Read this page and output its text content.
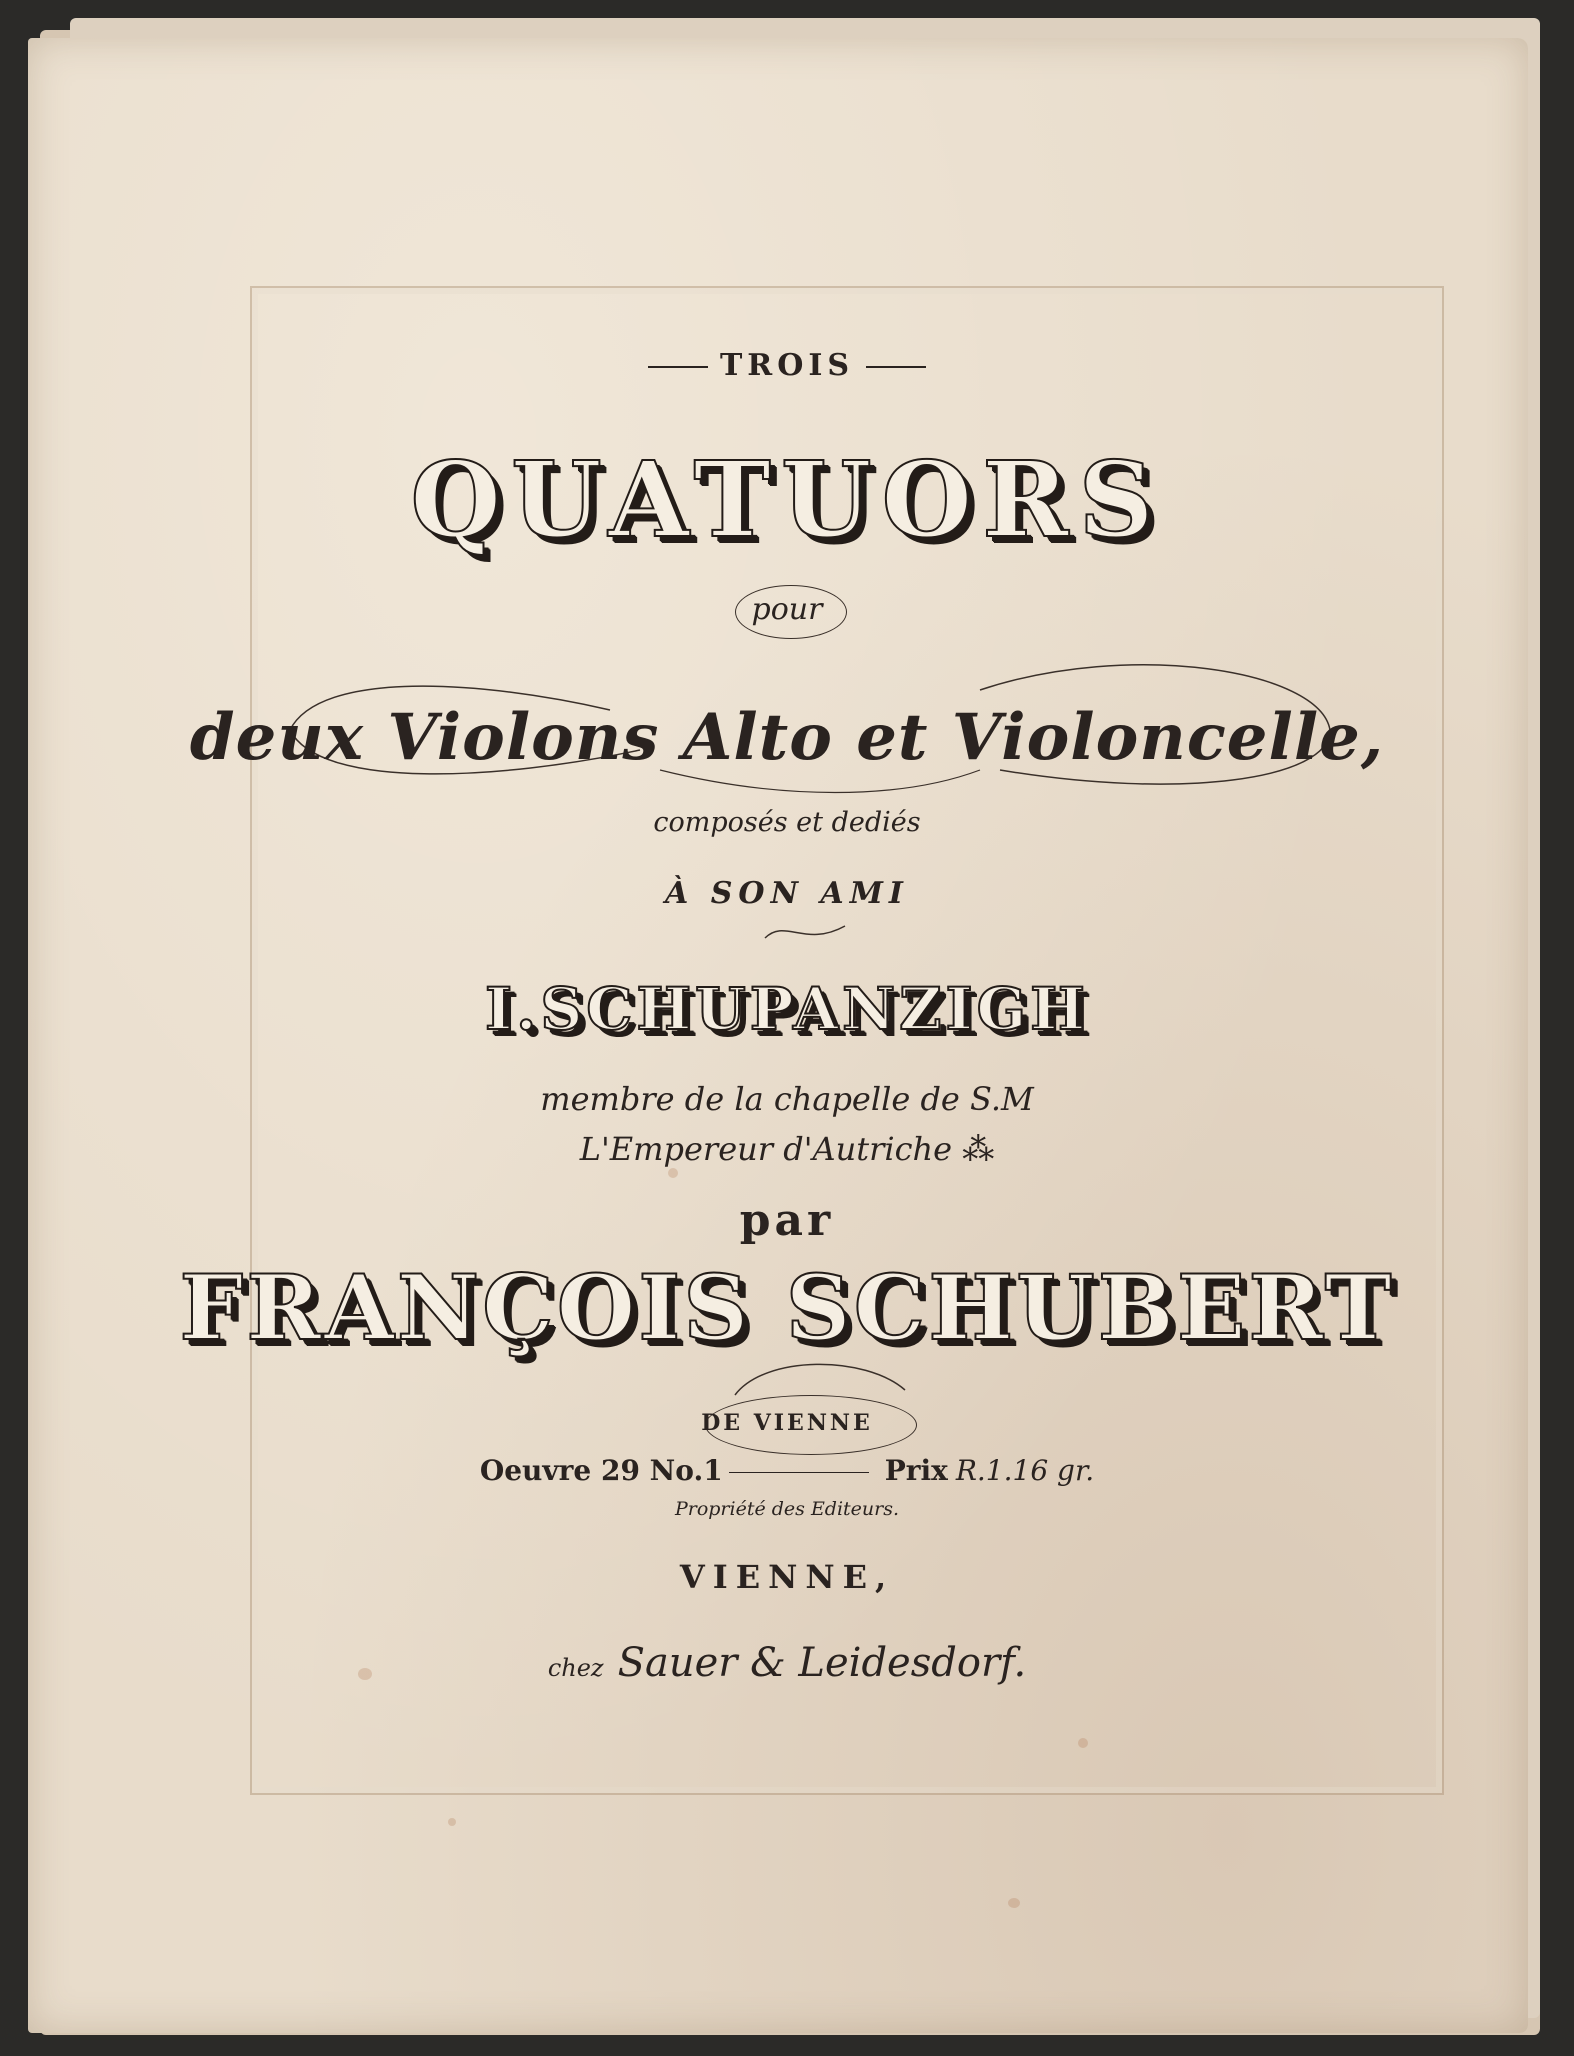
TROIS
QUATUORS
pour
deux Violons Alto et Violoncelle,
composés et dediés
À SON AMI
I.SCHUPANZIGH
membre de la chapelle de S.M
L'Empereur d'Autriche ⁂
par
FRANÇOIS SCHUBERT
DE VIENNE
Oeuvre 29 No.1	Prix R.1.16 gr.
Propriété des Editeurs.
VIENNE,
chez Sauer & Leidesdorf.
